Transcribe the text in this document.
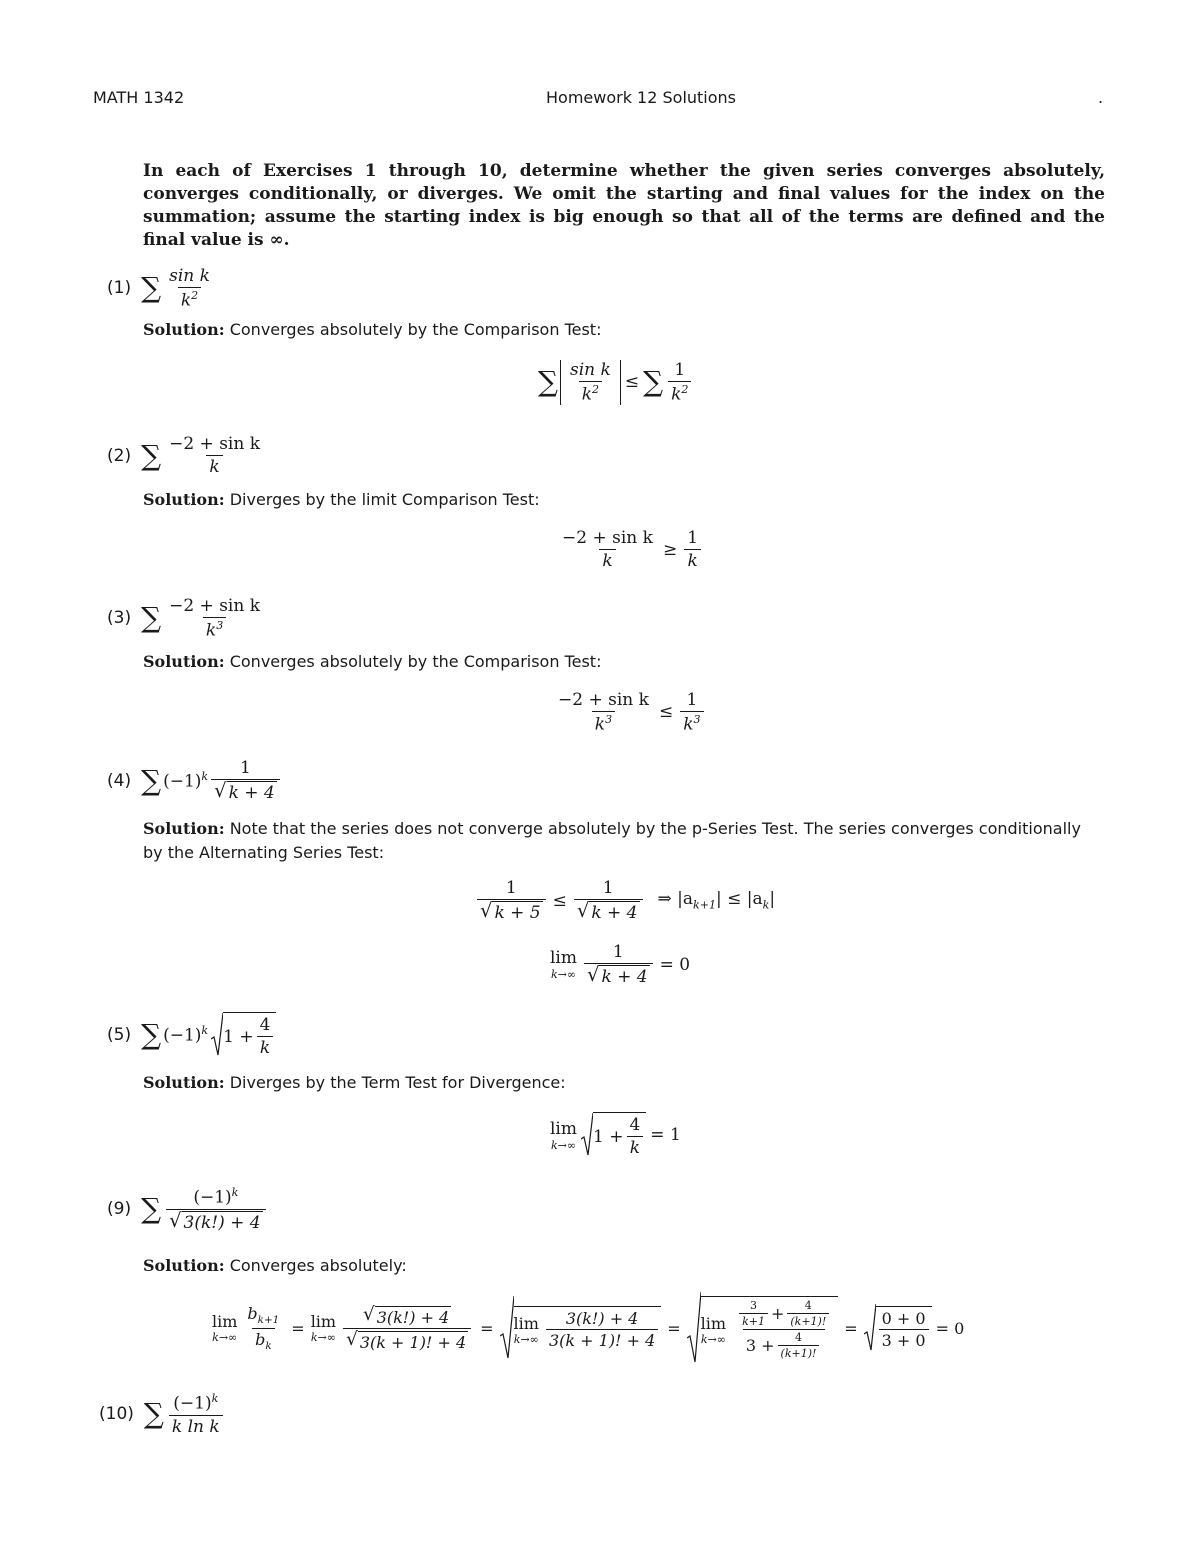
MATH 1342	Homework 12 Solutions	.
In each of Exercises 1 through 10, determine whether the given series converges absolutely, converges conditionally, or diverges. We omit the starting and final values for the index on the summation; assume the starting index is big enough so that all of the terms are defined and the final value is ∞.
(1) ∑ $\frac{\text{sin k}}{k^2}$
Solution: Converges absolutely by the Comparison Test:
∑ $\frac{\text{sin k}}{k^2}$ ≤ ∑ $\frac{1}{k^2}$
(2) ∑ $\frac{\text{−2 + sin k}}{k}$
Solution: Diverges by the limit Comparison Test:
$\frac{\text{−2 + sin k}}{k} \ge \frac{1}{k}$
(3) ∑ $\frac{\text{−2 + sin k}}{k^3}$
Solution: Converges absolutely by the Comparison Test:
$\frac{\text{−2 + sin k}}{k^3} \le \frac{1}{k^3}$
(4) ∑ $(-1)^k \frac{1}{√ k + 4}$
Solution: Note that the series does not converge absolutely by the p-Series Test. The series converges conditionally by the Alternating Series Test:
$\frac{1}{√ k + 5} \le \frac{1}{√ k + 4}$ ⇒ $|a_{k+1}| \le |a_k|$
lim
$k\to\infty \frac{1}{√ k + 4} = 0$
(5) ∑ $(-1)^k$ $1 + \frac{4}{k}$
Solution: Diverges by the Term Test for Divergence:
lim
k→∞ $1 + \frac{4}{k} = 1$
(9) ∑ $\frac{(-1)^k}{√ 3(k!) + 4}$
Solution: Converges absolutely:
lim
$k\to\infty \frac{b_{k+1}}{b_k} = \lim$
$k\to\infty \frac{√ 3(k!) + 4}{√ 3(k + 1)! + 4} = \lim$
$k\to\infty \frac{3(k!) + 4}{3(k + 1)! + 4} = \lim$
$k\to\infty \frac{\frac{3}{k+1} + \frac{4}{(k+1)!}}{3 + \frac{4}{(k+1)!}} = \frac{0 + 0}{3 + 0} = 0$
(10) ∑ $\frac{(-1)^k}{\text{k ln k}}$
